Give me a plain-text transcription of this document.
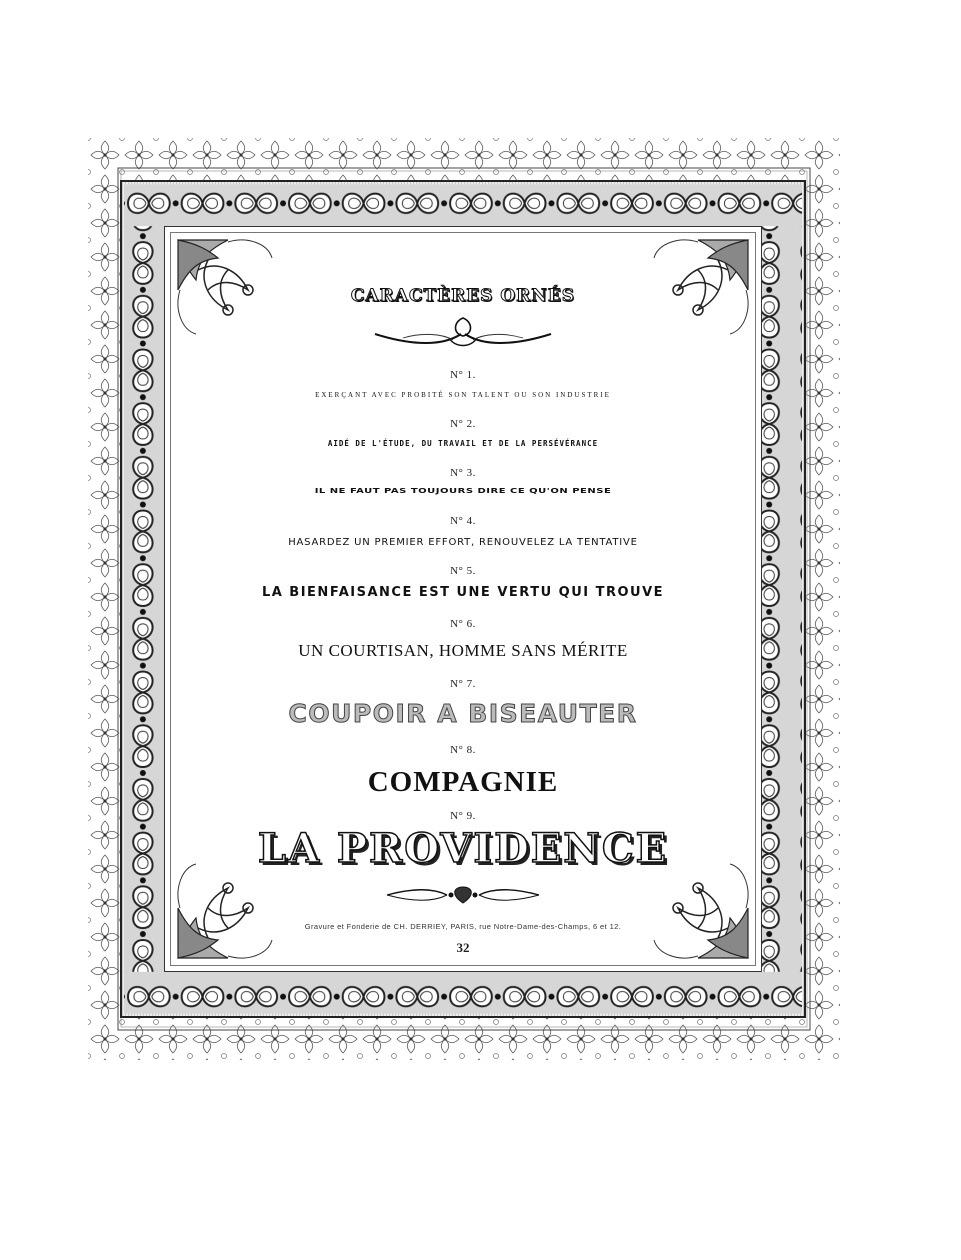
CARACTÈRES ORNÉS
N° 1.
EXERÇANT AVEC PROBITÉ SON TALENT OU SON INDUSTRIE
N° 2.
AIDÉ DE L'ÉTUDE, DU TRAVAIL ET DE LA PERSÉVÉRANCE
N° 3.
IL NE FAUT PAS TOUJOURS DIRE CE QU'ON PENSE
N° 4.
HASARDEZ UN PREMIER EFFORT, RENOUVELEZ LA TENTATIVE
N° 5.
LA BIENFAISANCE EST UNE VERTU QUI TROUVE
N° 6.
UN COURTISAN, HOMME SANS MÉRITE
N° 7.
COUPOIR A BISEAUTER
N° 8.
COMPAGNIE
N° 9.
LA PROVIDENCE
Gravure et Fonderie de CH. DERRIEY, PARIS, rue Notre-Dame-des-Champs, 6 et 12.
32
